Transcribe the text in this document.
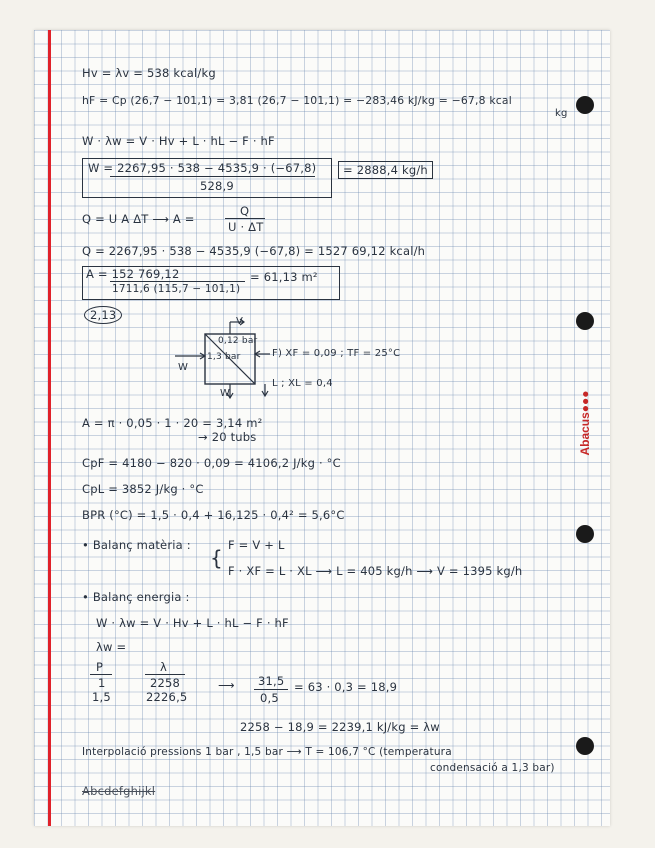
Abacus●●●
Hv = λv = 538 kcal/kg
hF = Cp (26,7 − 101,1) = 3,81 (26,7 − 101,1) = −283,46 kJ/kg = −67,8 kcal
kg
W · λw = V · Hv + L · hL − F · hF
W = 2267,95 · 538 − 4535,9 · (−67,8)
528,9
= 2888,4 kg/h
Q = U A ΔT ⟶ A =
Q
U · ΔT
Q = 2267,95 · 538 − 4535,9 (−67,8) = 1527 69,12 kcal/h
A = 152 769,12
1711,6 (115,7 − 101,1)
= 61,13 m²
2,13	V
0,12 bar
1,3 bar	F) XF = 0,09 ; TF = 25°C
W
W
L ; XL = 0,4
A = π · 0,05 · 1 · 20 = 3,14 m²
→ 20 tubs
CpF = 4180 − 820 · 0,09 = 4106,2 J/kg · °C
CpL = 3852 J/kg · °C
BPR (°C) = 1,5 · 0,4 + 16,125 · 0,4² = 5,6°C
• Balanç matèria :
{
F = V + L
F · XF = L · XL ⟶ L = 405 kg/h ⟶ V = 1395 kg/h
• Balanç energia :
W · λw = V · Hv + L · hL − F · hF
λw =
P	λ
1	2258
1,5	2226,5
⟶ 31,5
0,5
= 63 · 0,3 = 18,9
2258 − 18,9 = 2239,1 kJ/kg = λw
Interpolació pressions 1 bar , 1,5 bar ⟶ T = 106,7 °C (temperatura
condensació a 1,3 bar)
Abcdefghijkl
